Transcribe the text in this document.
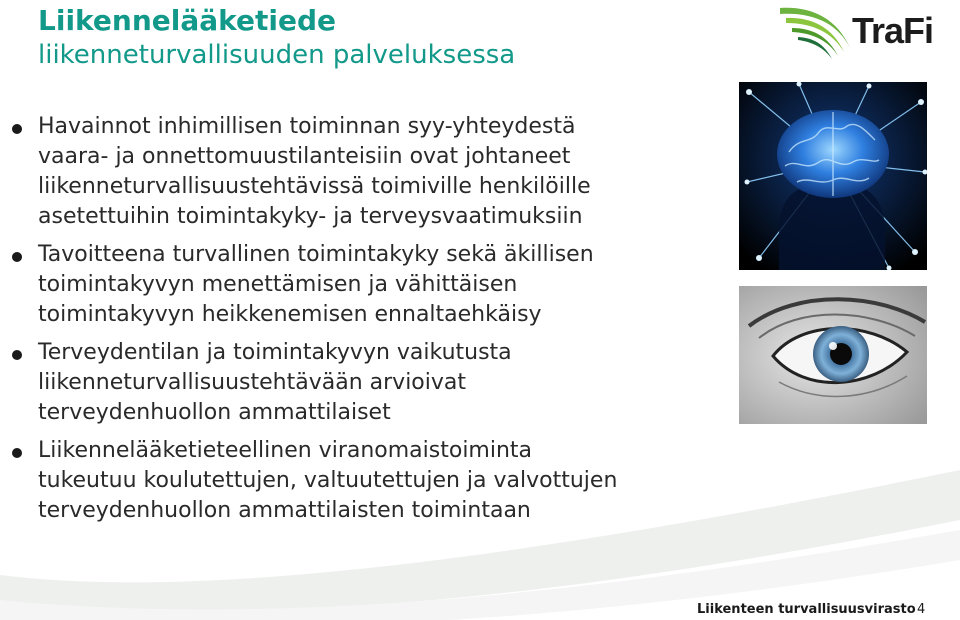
Liikennelääketiede
liikenneturvallisuuden palveluksessa
TraFi
Havainnot inhimillisen toiminnan syy-yhteydestä
vaara- ja onnettomuustilanteisiin ovat johtaneet
liikenneturvallisuustehtävissä toimiville henkilöille
asetettuihin toimintakyky- ja terveysvaatimuksiin
Tavoitteena turvallinen toimintakyky sekä äkillisen
toimintakyvyn menettämisen ja vähittäisen
toimintakyvyn heikkenemisen ennaltaehkäisy
Terveydentilan ja toimintakyvyn vaikutusta
liikenneturvallisuustehtävään arvioivat
terveydenhuollon ammattilaiset
Liikennelääketieteellinen viranomaistoiminta
tukeutuu koulutettujen, valtuutettujen ja valvottujen
terveydenhuollon ammattilaisten toimintaan
Liikenteen turvallisuusvirasto 4
